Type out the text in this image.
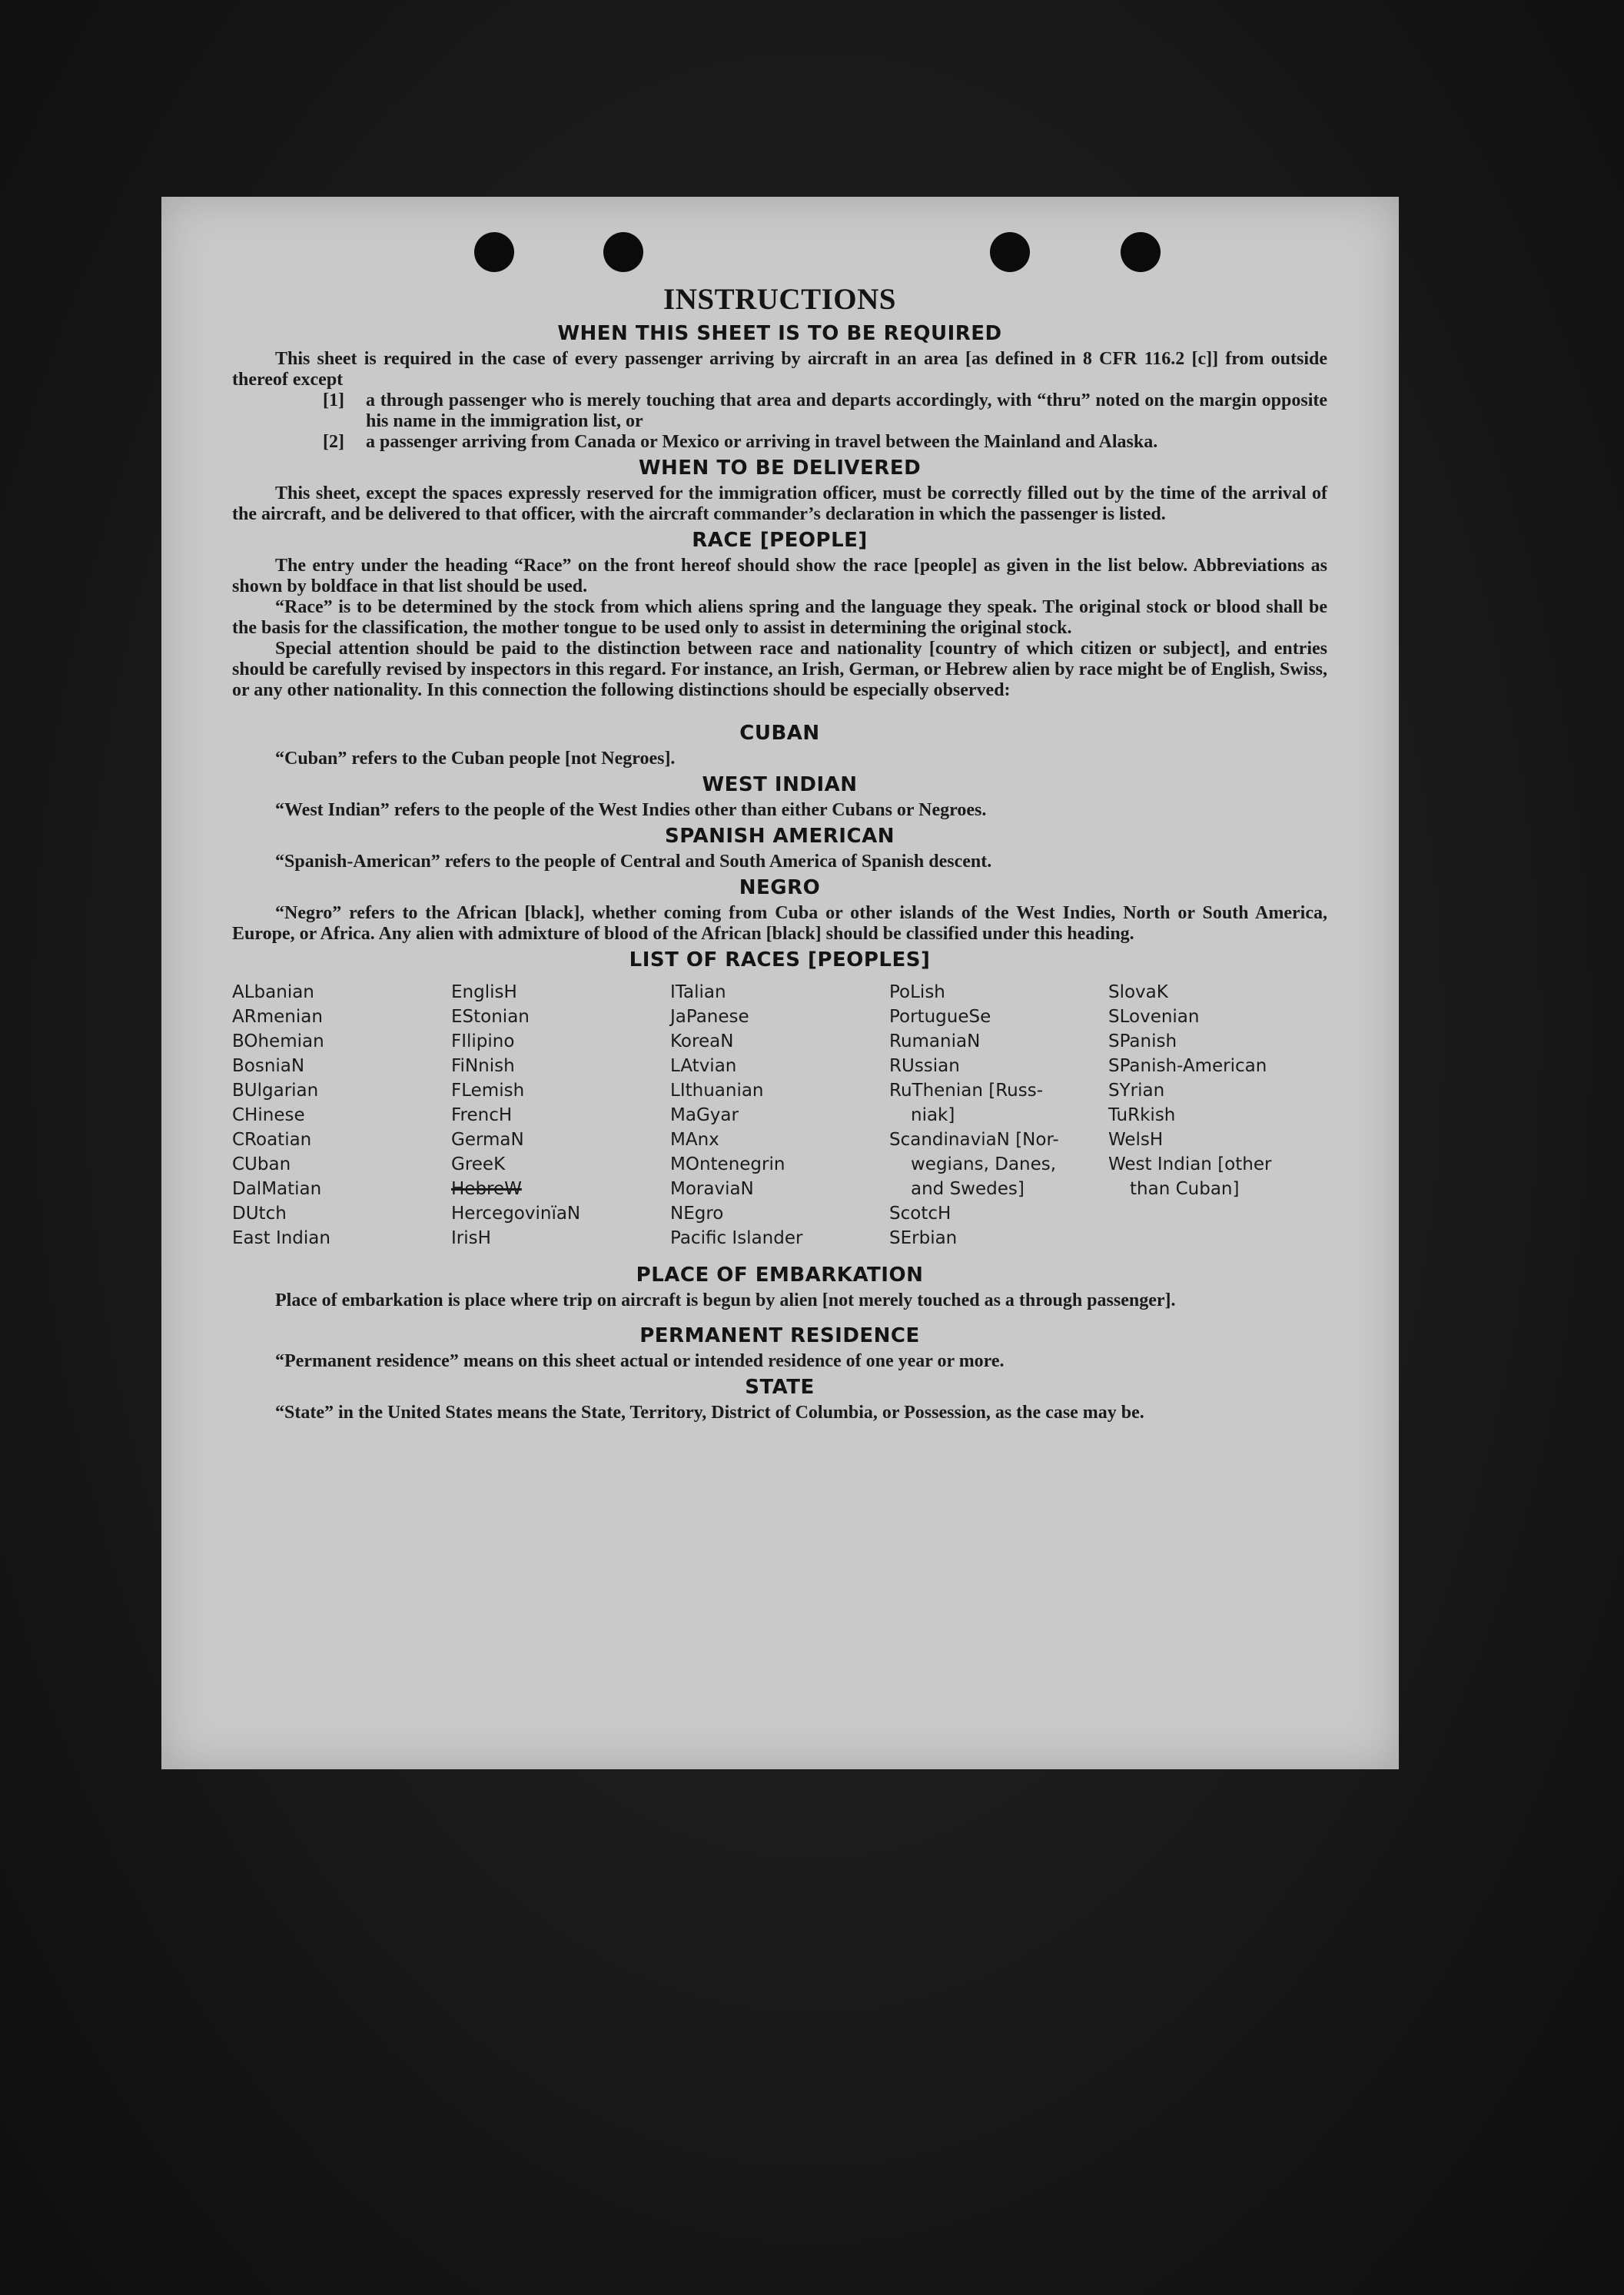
INSTRUCTIONS
WHEN THIS SHEET IS TO BE REQUIRED

This sheet is required in the case of every passenger arriving by aircraft in an area [as defined in 8 CFR 116.2 [c]] from outside thereof except

[1]	a through passenger who is merely touching that area and departs accordingly, with “thru” noted on the margin opposite his name in the immigration list, or
[2]	a passenger arriving from Canada or Mexico or arriving in travel between the Mainland and Alaska.
WHEN TO BE DELIVERED

This sheet, except the spaces expressly reserved for the immigration officer, must be correctly filled out by the time of the arrival of the aircraft, and be delivered to that officer, with the aircraft commander’s declaration in which the passenger is listed.

RACE [PEOPLE]

The entry under the heading “Race” on the front hereof should show the race [people] as given in the list below. Abbreviations as shown by boldface in that list should be used.

“Race” is to be determined by the stock from which aliens spring and the language they speak. The original stock or blood shall be the basis for the classification, the mother tongue to be used only to assist in determining the original stock.

Special attention should be paid to the distinction between race and nationality [country of which citizen or subject], and entries should be carefully revised by inspectors in this regard. For instance, an Irish, German, or Hebrew alien by race might be of English, Swiss, or any other nationality. In this connection the following distinctions should be especially observed:

CUBAN

“Cuban” refers to the Cuban people [not Negroes].

WEST INDIAN

“West Indian” refers to the people of the West Indies other than either Cubans or Negroes.

SPANISH AMERICAN

“Spanish-American” refers to the people of Central and South America of Spanish descent.

NEGRO

“Negro” refers to the African [black], whether coming from Cuba or other islands of the West Indies, North or South America, Europe, or Africa. Any alien with admixture of blood of the African [black] should be classified under this heading.

LIST OF RACES [PEOPLES]
ALbanian
ARmenian
BOhemian
BosniaN
BUlgarian
CHinese
CRoatian
CUban
DalMatian
DUtch
East Indian
EnglisH
EStonian
FIlipino
FiNnish
FLemish
FrencH
GermaN
GreeK
HebreW
HercegovinïaN
IrisH
ITalian
JaPanese
KoreaN
LAtvian
LIthuanian
MaGyar
MAnx
MOntenegrin
MoraviaN
NEgro
Pacific Islander
PoLish
PortugueSe
RumaniaN
RUssian
RuThenian [Russ-
niak]
ScandinaviaN [Nor-
wegians, Danes,
and Swedes]
ScotcH
SErbian
SlovaK
SLovenian
SPanish
SPanish-American
SYrian
TuRkish
WelsH
West Indian [other
than Cuban]
PLACE OF EMBARKATION

Place of embarkation is place where trip on aircraft is begun by alien [not merely touched as a through passenger].

PERMANENT RESIDENCE

“Permanent residence” means on this sheet actual or intended residence of one year or more.

STATE

“State” in the United States means the State, Territory, District of Columbia, or Possession, as the case may be.
